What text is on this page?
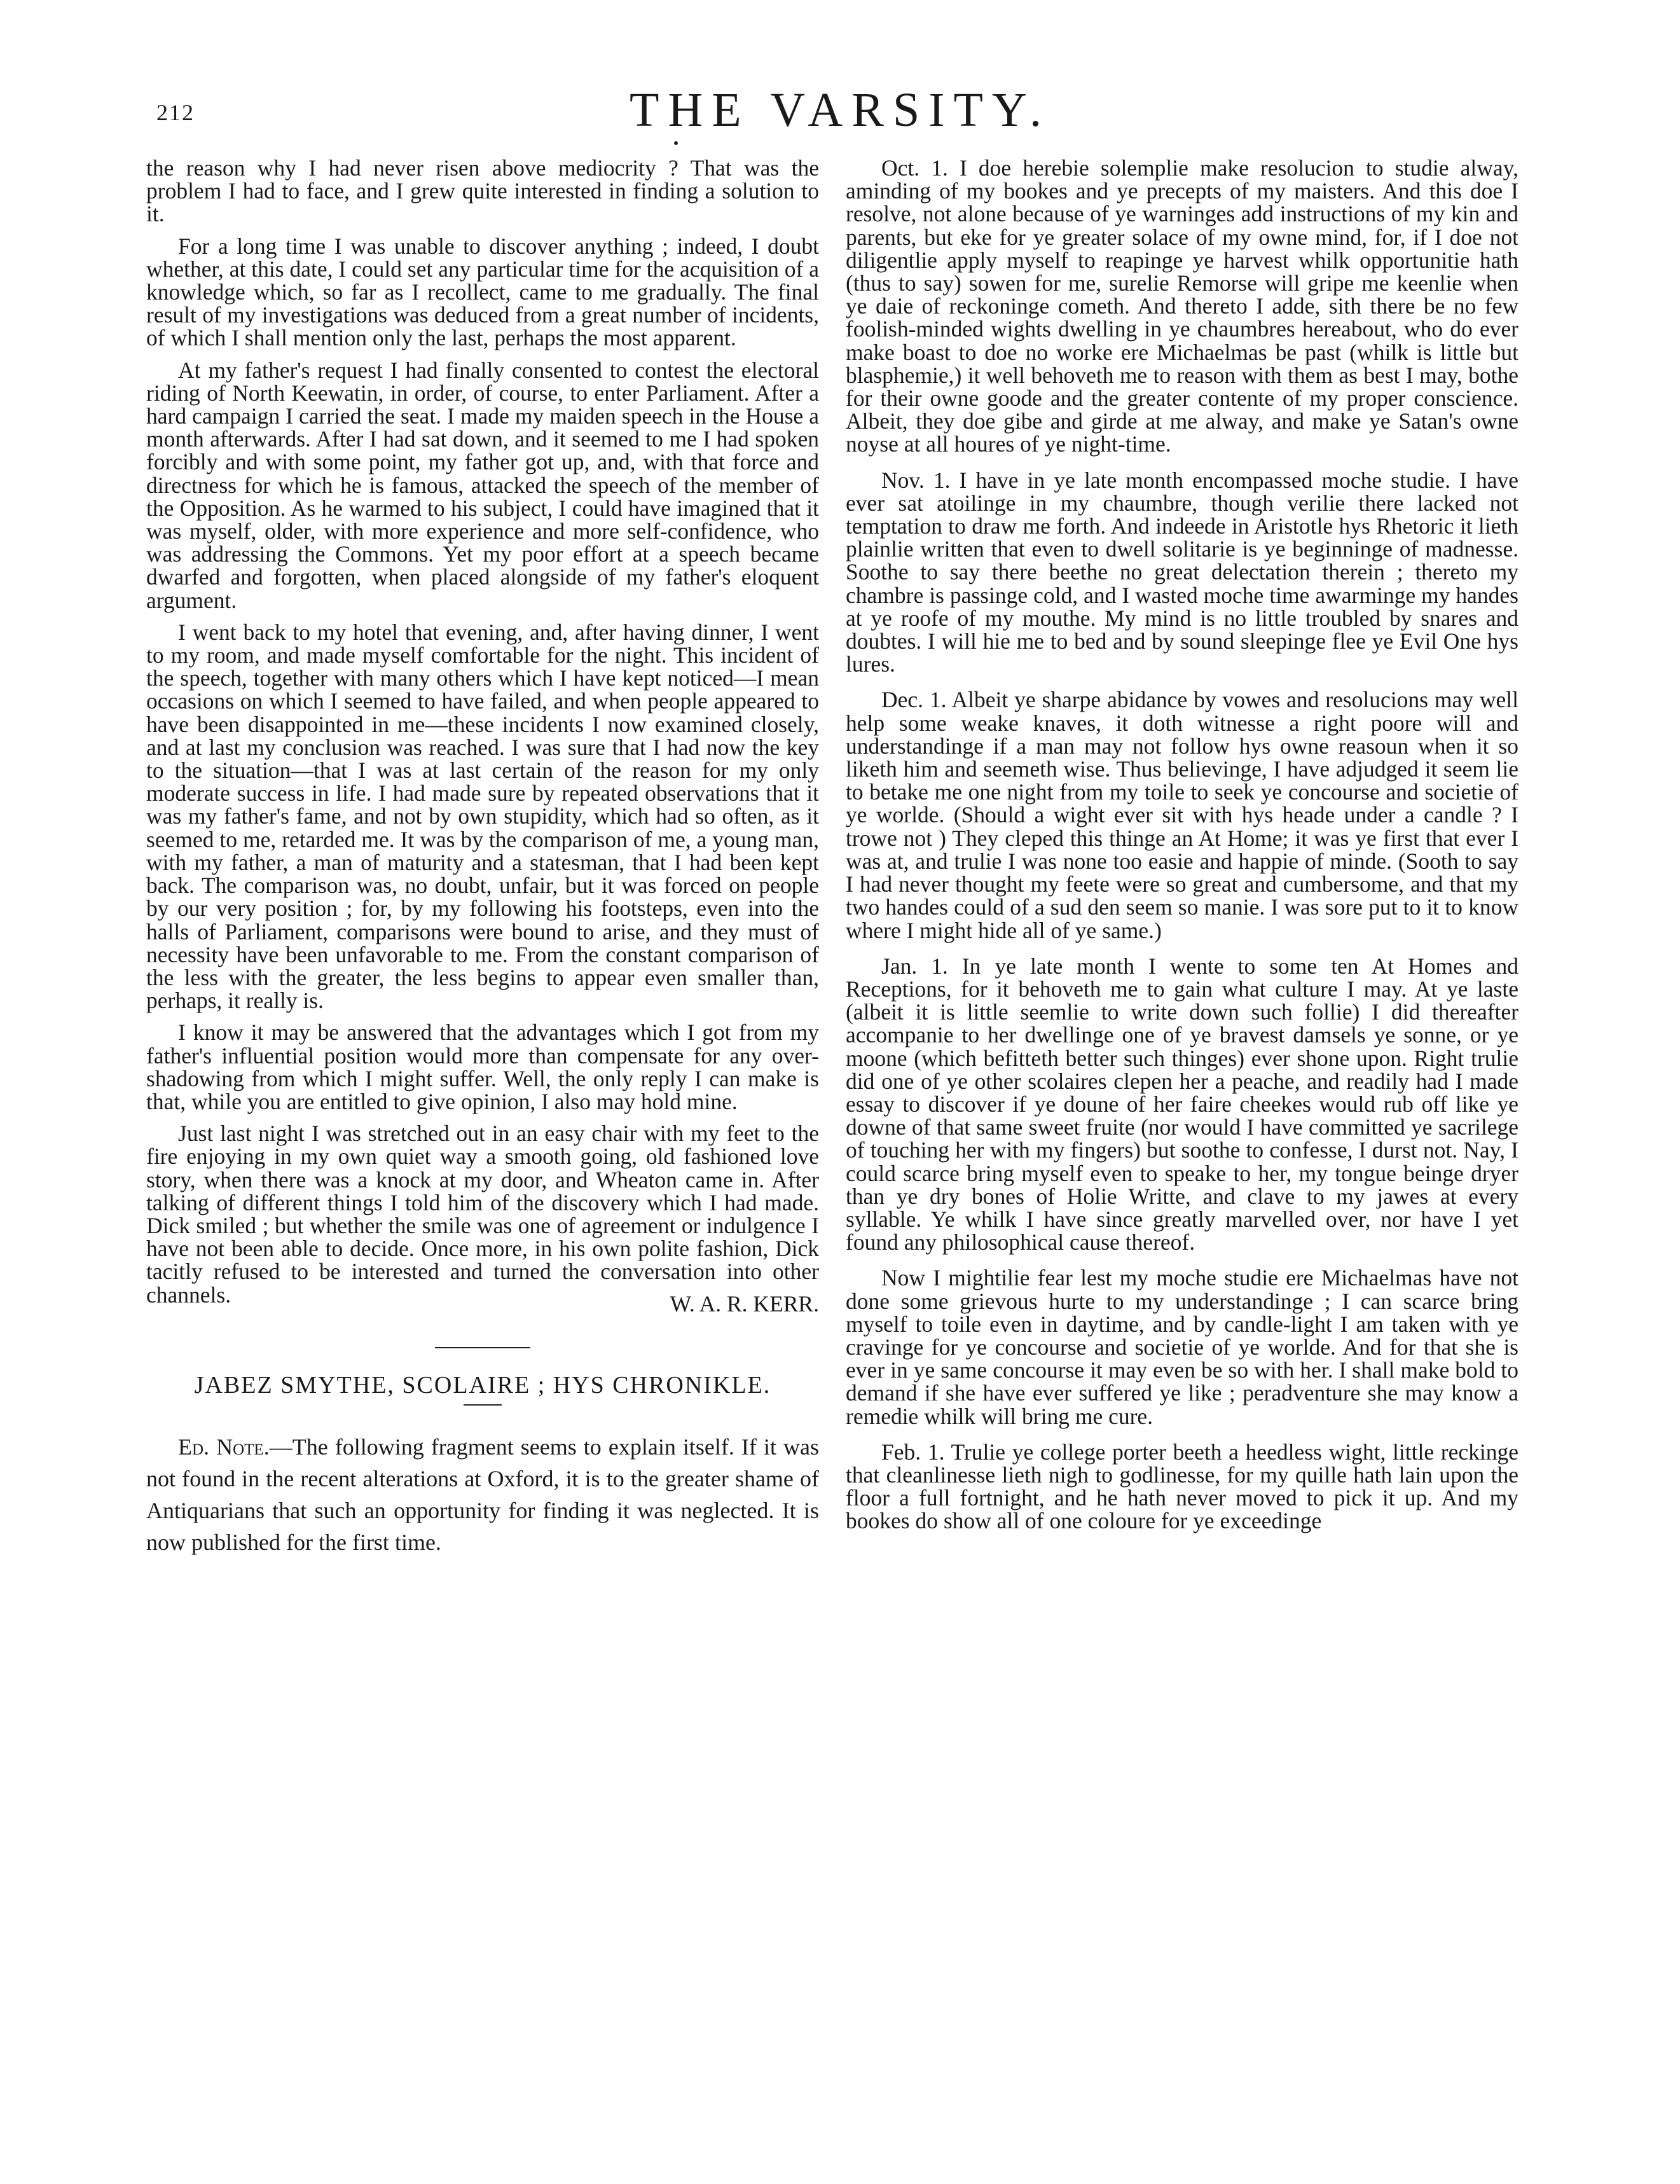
212	THE VARSITY.

the reason why I had never risen above mediocrity ? That was the problem I had to face, and I grew quite interested in finding a solution to it.

For a long time I was unable to discover anything ; indeed, I doubt whether, at this date, I could set any particular time for the acquisition of a knowledge which, so far as I recollect, came to me gradually. The final result of my investigations was deduced from a great number of incidents, of which I shall mention only the last, perhaps the most apparent.

At my father's request I had finally consented to contest the electoral riding of North Keewatin, in order, of course, to enter Parliament. After a hard campaign I carried the seat. I made my maiden speech in the House a month afterwards. After I had sat down, and it seemed to me I had spoken forcibly and with some point, my father got up, and, with that force and directness for which he is famous, attacked the speech of the member of the Opposition. As he warmed to his subject, I could have imagined that it was myself, older, with more experience and more self-confidence, who was addressing the Commons. Yet my poor effort at a speech became dwarfed and forgotten, when placed alongside of my father's eloquent argument.

I went back to my hotel that evening, and, after having dinner, I went to my room, and made myself comfortable for the night. This incident of the speech, together with many others which I have kept noticed—I mean occasions on which I seemed to have failed, and when people appeared to have been disappointed in me—these incidents I now examined closely, and at last my conclusion was reached. I was sure that I had now the key to the situation—that I was at last certain of the reason for my only moderate success in life. I had made sure by repeated observations that it was my father's fame, and not by own stupidity, which had so often, as it seemed to me, retarded me. It was by the comparison of me, a young man, with my father, a man of maturity and a statesman, that I had been kept back. The comparison was, no doubt, unfair, but it was forced on people by our very position ; for, by my following his footsteps, even into the halls of Parliament, comparisons were bound to arise, and they must of necessity have been unfavorable to me. From the constant comparison of the less with the greater, the less begins to appear even smaller than, perhaps, it really is.

I know it may be answered that the advantages which I got from my father's influential position would more than compensate for any over-shadowing from which I might suffer. Well, the only reply I can make is that, while you are entitled to give opinion, I also may hold mine.

Just last night I was stretched out in an easy chair with my feet to the fire enjoying in my own quiet way a smooth going, old fashioned love story, when there was a knock at my door, and Wheaton came in. After talking of different things I told him of the discovery which I had made. Dick smiled ; but whether the smile was one of agreement or indulgence I have not been able to decide. Once more, in his own polite fashion, Dick tacitly refused to be interested and turned the conversation into other channels.	W. A. R. KERR.
JABEZ SMYTHE, SCOLAIRE ; HYS CHRONIKLE.

Ed. Note.—The following fragment seems to explain itself. If it was not found in the recent alterations at Oxford, it is to the greater shame of Antiquarians that such an opportunity for finding it was neglected. It is now published for the first time.

Oct. 1. I doe herebie solemplie make resolucion to studie alway, aminding of my bookes and ye precepts of my maisters. And this doe I resolve, not alone because of ye warninges add instructions of my kin and parents, but eke for ye greater solace of my owne mind, for, if I doe not diligentlie apply myself to reapinge ye harvest whilk opportunitie hath (thus to say) sowen for me, surelie Remorse will gripe me keenlie when ye daie of reckoninge cometh. And thereto I adde, sith there be no few foolish-minded wights dwelling in ye chaumbres hereabout, who do ever make boast to doe no worke ere Michaelmas be past (whilk is little but blasphemie,) it well behoveth me to reason with them as best I may, bothe for their owne goode and the greater contente of my proper conscience. Albeit, they doe gibe and girde at me alway, and make ye Satan's owne noyse at all houres of ye night-time.

Nov. 1. I have in ye late month encompassed moche studie. I have ever sat atoilinge in my chaumbre, though verilie there lacked not temptation to draw me forth. And indeede in Aristotle hys Rhetoric it lieth plainlie written that even to dwell solitarie is ye beginninge of madnesse. Soothe to say there beethe no great delectation therein ; thereto my chambre is passinge cold, and I wasted moche time awarminge my handes at ye roofe of my mouthe. My mind is no little troubled by snares and doubtes. I will hie me to bed and by sound sleepinge flee ye Evil One hys lures.

Dec. 1. Albeit ye sharpe abidance by vowes and resolucions may well help some weake knaves, it doth witnesse a right poore will and understandinge if a man may not follow hys owne reasoun when it so liketh him and seemeth wise. Thus believinge, I have adjudged it seem lie to betake me one night from my toile to seek ye concourse and societie of ye worlde. (Should a wight ever sit with hys heade under a candle ? I trowe not ) They cleped this thinge an At Home; it was ye first that ever I was at, and trulie I was none too easie and happie of minde. (Sooth to say I had never thought my feete were so great and cumbersome, and that my two handes could of a sud den seem so manie. I was sore put to it to know where I might hide all of ye same.)

Jan. 1. In ye late month I wente to some ten At Homes and Receptions, for it behoveth me to gain what culture I may. At ye laste (albeit it is little seemlie to write down such follie) I did thereafter accompanie to her dwellinge one of ye bravest damsels ye sonne, or ye moone (which befitteth better such thinges) ever shone upon. Right trulie did one of ye other scolaires clepen her a peache, and readily had I made essay to discover if ye doune of her faire cheekes would rub off like ye downe of that same sweet fruite (nor would I have committed ye sacrilege of touching her with my fingers) but soothe to confesse, I durst not. Nay, I could scarce bring myself even to speake to her, my tongue beinge dryer than ye dry bones of Holie Writte, and clave to my jawes at every syllable. Ye whilk I have since greatly marvelled over, nor have I yet found any philosophical cause thereof.

Now I mightilie fear lest my moche studie ere Michaelmas have not done some grievous hurte to my understandinge ; I can scarce bring myself to toile even in daytime, and by candle-light I am taken with ye cravinge for ye concourse and societie of ye worlde. And for that she is ever in ye same concourse it may even be so with her. I shall make bold to demand if she have ever suffered ye like ; peradventure she may know a remedie whilk will bring me cure.

Feb. 1. Trulie ye college porter beeth a heedless wight, little reckinge that cleanlinesse lieth nigh to godlinesse, for my quille hath lain upon the floor a full fortnight, and he hath never moved to pick it up. And my bookes do show all of one coloure for ye exceedinge
